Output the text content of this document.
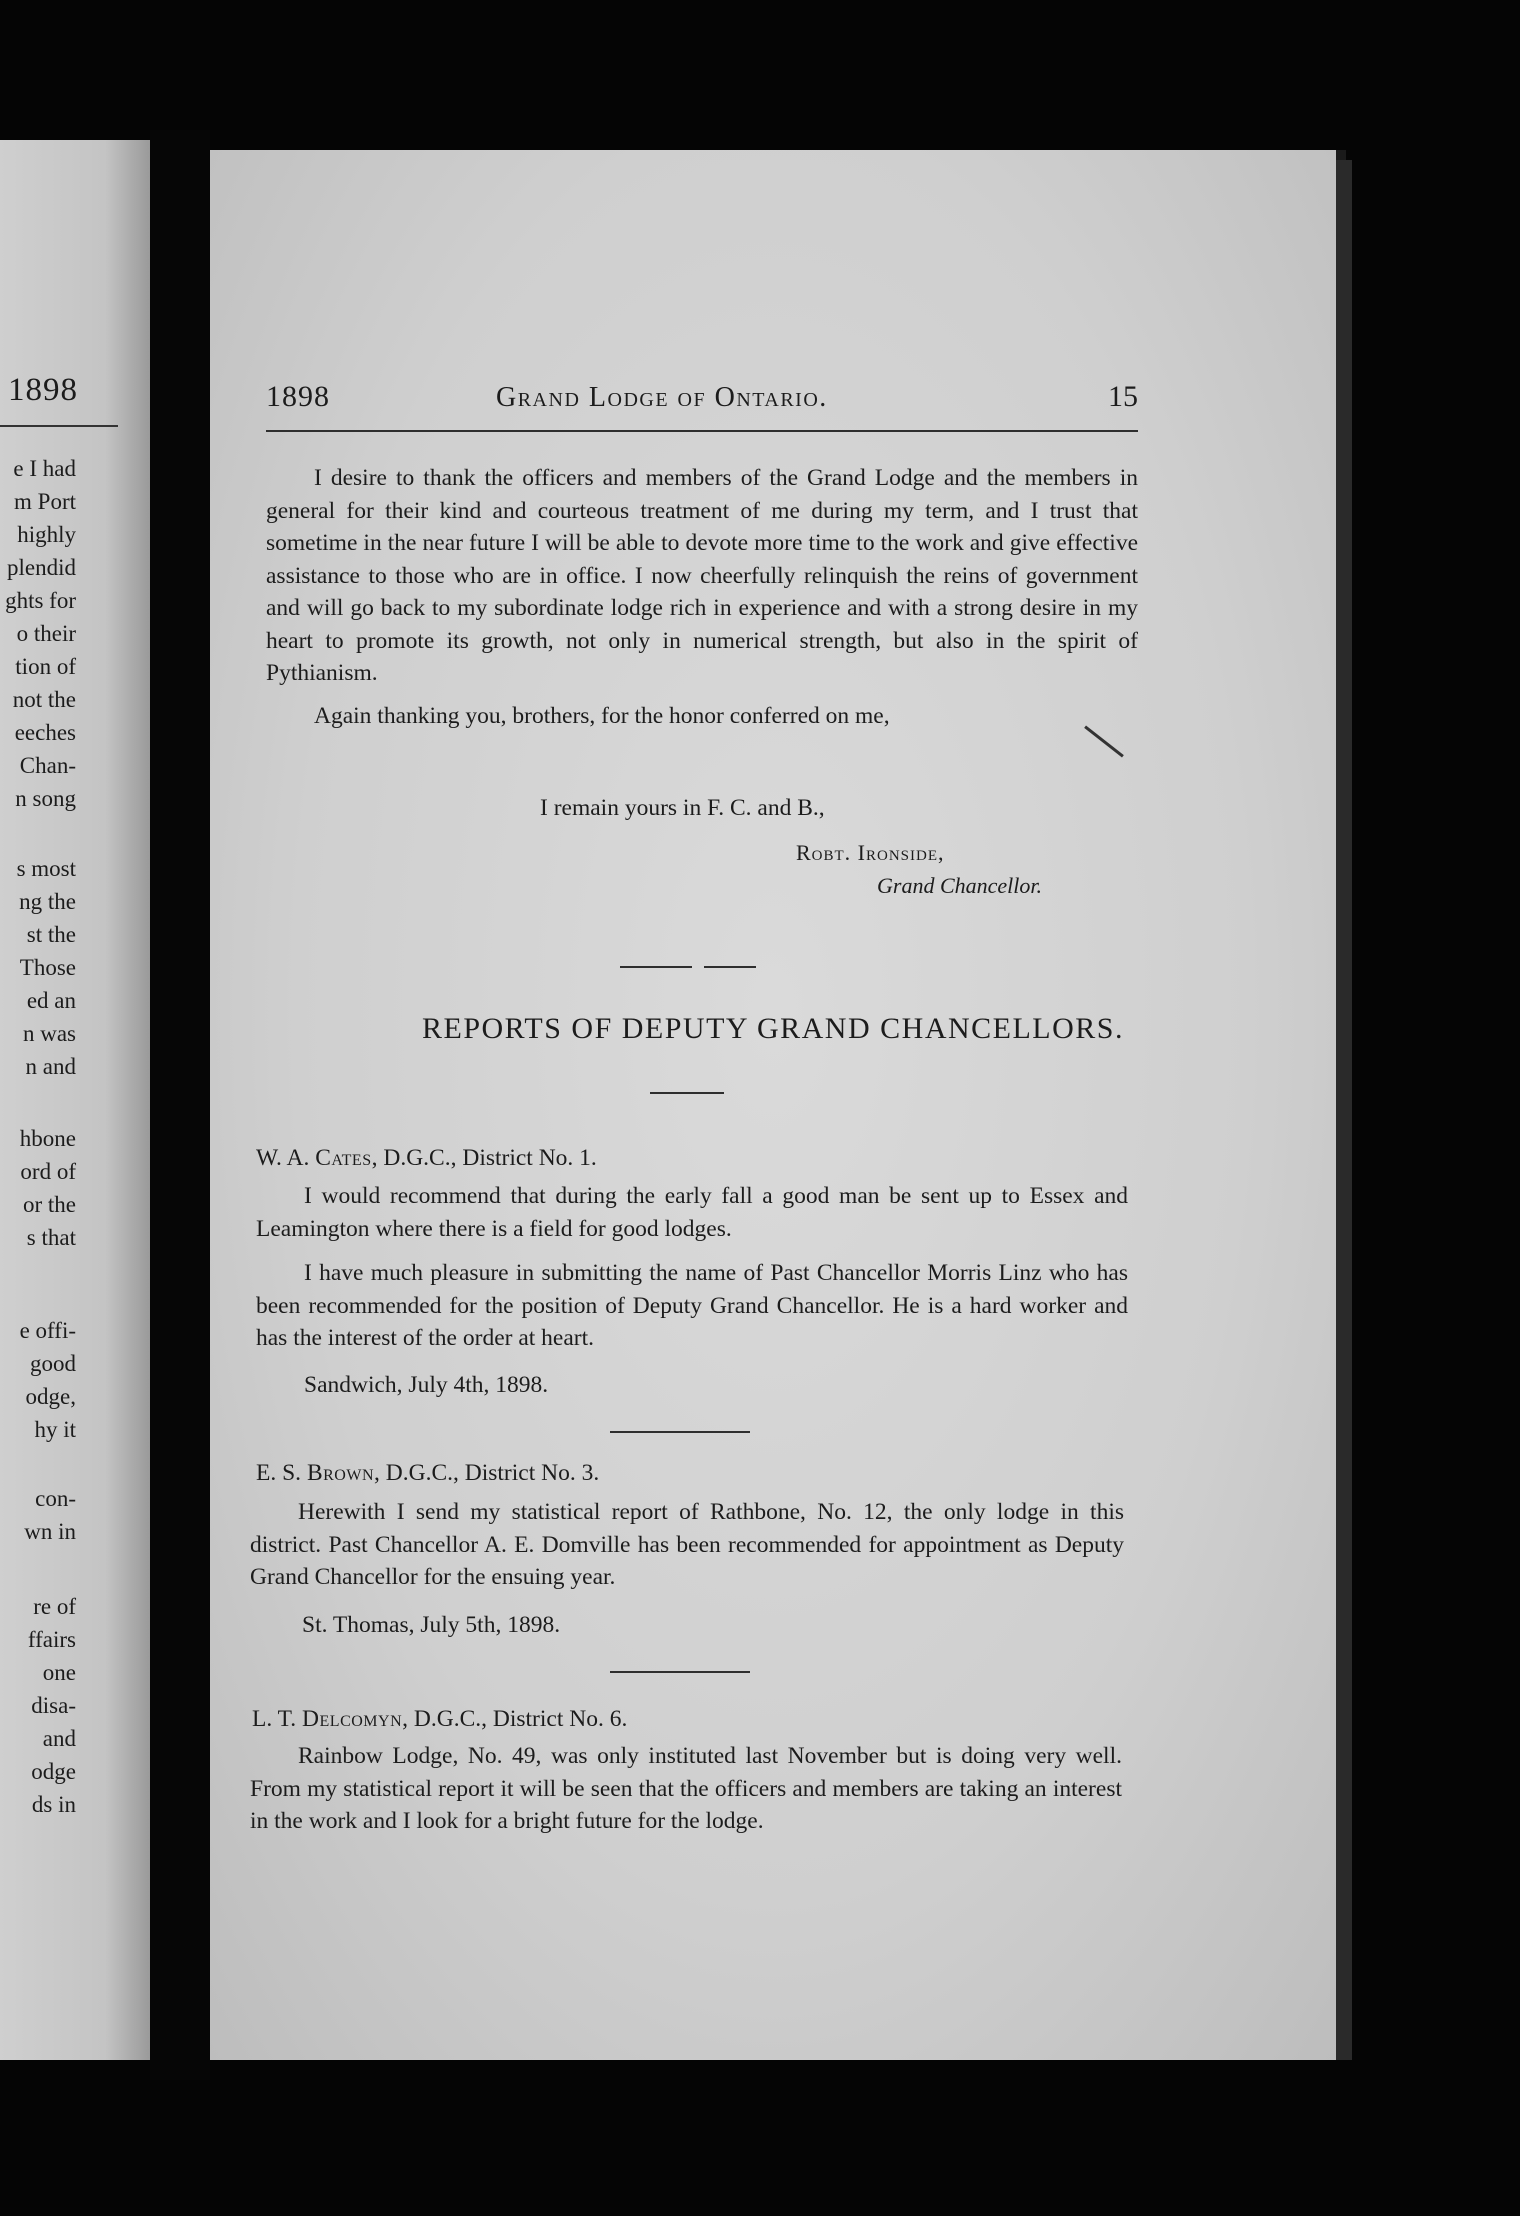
1898
e I had
m Port
highly
plendid
ghts for
o their
tion of
not the
eeches
Chan-
n song
s most
ng the
st the
Those
ed an
n was
n and
hbone
ord of
or the
s that
e offi-
good
odge,
hy it
con-
wn in
re of
ffairs
one
disa-
and
odge
ds in
1898	Grand Lodge of Ontario.	15

I desire to thank the officers and members of the Grand Lodge and the members in general for their kind and courteous treatment of me during my term, and I trust that sometime in the near future I will be able to devote more time to the work and give effective assistance to those who are in office. I now cheerfully relinquish the reins of government and will go back to my subordinate lodge rich in experience and with a strong desire in my heart to promote its growth, not only in numerical strength, but also in the spirit of Pythianism.

Again thanking you, brothers, for the honor conferred on me,

I remain yours in F. C. and B.,
Robt. Ironside,
Grand Chancellor.
REPORTS OF DEPUTY GRAND CHANCELLORS.
W. A. Cates, D.G.C., District No. 1.

I would recommend that during the early fall a good man be sent up to Essex and Leamington where there is a field for good lodges.

I have much pleasure in submitting the name of Past Chancellor Morris Linz who has been recommended for the position of Deputy Grand Chancellor. He is a hard worker and has the interest of the order at heart.

Sandwich, July 4th, 1898.
E. S. Brown, D.G.C., District No. 3.

Herewith I send my statistical report of Rathbone, No. 12, the only lodge in this district. Past Chancellor A. E. Domville has been recommended for appointment as Deputy Grand Chancellor for the ensuing year.

St. Thomas, July 5th, 1898.
L. T. Delcomyn, D.G.C., District No. 6.

Rainbow Lodge, No. 49, was only instituted last November but is doing very well. From my statistical report it will be seen that the officers and members are taking an interest in the work and I look for a bright future for the lodge.
